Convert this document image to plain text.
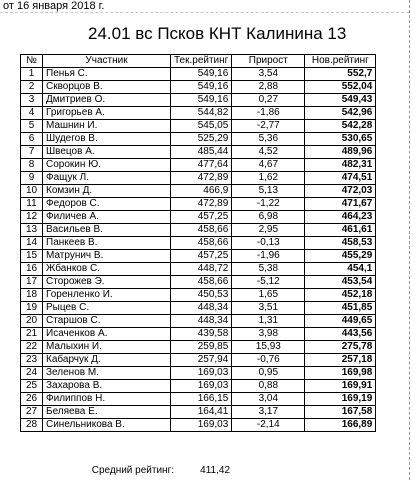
от 16 января 2018 г.
24.01 вс Псков КНТ Калинина 13
№	Участник	Тек.рейтинг	Прирост	Нов.рейтинг
1	Пенья С.	549,16	3,54	552,7
2	Скворцов В.	549,16	2,88	552,04
3	Дмитриев О.	549,16	0,27	549,43
4	Григорьев А.	544,82	-1,86	542,96
5	Машнин И.	545,05	-2,77	542,28
6	Шудегов В.	525,29	5,36	530,65
7	Швецов А.	485,44	4,52	489,96
8	Сорокин Ю.	477,64	4,67	482,31
9	Фащук Л.	472,89	1,62	474,51
10	Комзин Д.	466,9	5,13	472,03
11	Федоров С.	472,89	-1,22	471,67
12	Филичев А.	457,25	6,98	464,23
13	Васильев В.	458,66	2,95	461,61
14	Панкеев В.	458,66	-0,13	458,53
15	Матрунич В.	457,25	-1,96	455,29
16	Жбанков С.	448,72	5,38	454,1
17	Сторожев Э.	458,66	-5,12	453,54
18	Горенленко И.	450,53	1,65	452,18
19	Рыцев С.	448,34	3,51	451,85
20	Старшов С.	448,34	1,31	449,65
21	Исаченков А.	439,58	3,98	443,56
22	Малыхин И.	259,85	15,93	275,78
23	Кабарчук Д.	257,94	-0,76	257,18
24	Зеленов М.	169,03	0,95	169,98
25	Захарова В.	169,03	0,88	169,91
26	Филиппов Н.	166,15	3,04	169,19
27	Беляева Е.	164,41	3,17	167,58
28	Синельникова В.	169,03	-2,14	166,89
Средний рейтинг:	411,42
